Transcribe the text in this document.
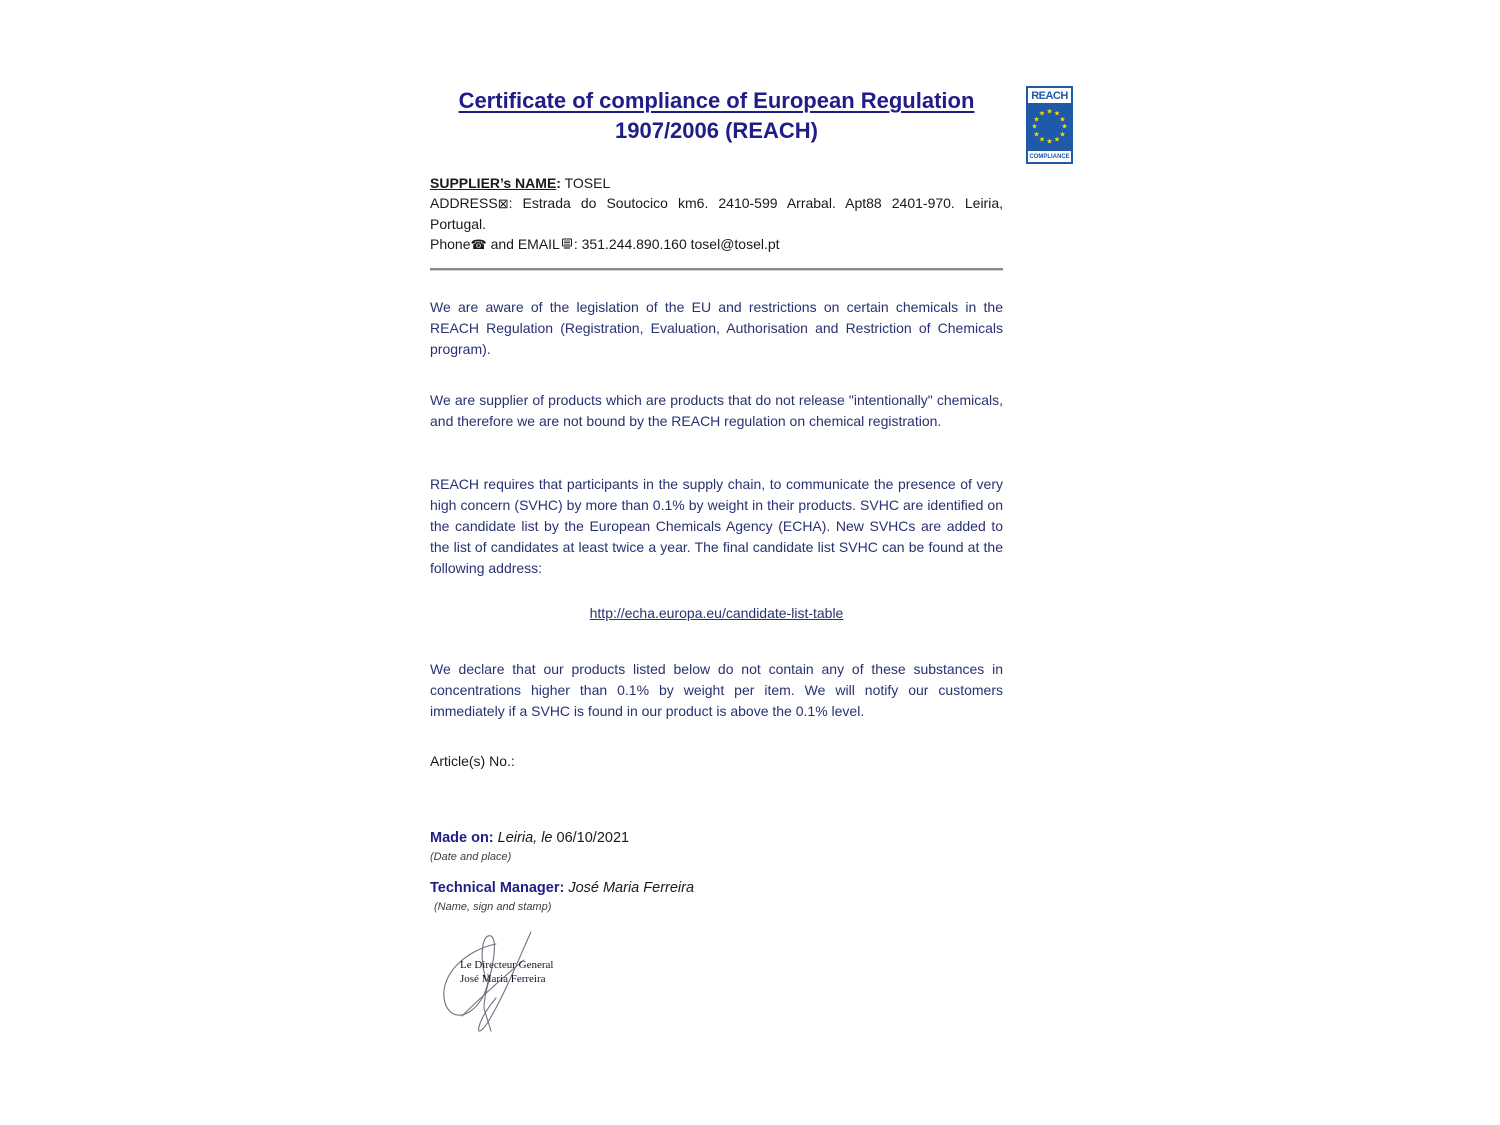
REACH
★ ★
★
★
★
★
★
★
★
★
★
★
COMPLIANCE
Certificate of compliance of European Regulation
1907/2006 (REACH)
SUPPLIER’s NAME: TOSEL
ADDRESS⊠: Estrada do Soutocico km6. 2410-599 Arrabal. Apt88 2401-970. Leiria, Portugal.
Phone☎ and EMAIL : 351.244.890.160 tosel@tosel.pt

We are aware of the legislation of the EU and restrictions on certain chemicals in the REACH Regulation (Registration, Evaluation, Authorisation and Restriction of Chemicals program).

We are supplier of products which are products that do not release "intentionally" chemicals, and therefore we are not bound by the REACH regulation on chemical registration.

REACH requires that participants in the supply chain, to communicate the presence of very high concern (SVHC) by more than 0.1% by weight in their products. SVHC are identified on the candidate list by the European Chemicals Agency (ECHA). New SVHCs are added to the list of candidates at least twice a year. The final candidate list SVHC can be found at the following address:

http://echa.europa.eu/candidate-list-table

We declare that our products listed below do not contain any of these substances in concentrations higher than 0.1% by weight per item. We will notify our customers immediately if a SVHC is found in our product is above the 0.1% level.

Article(s) No.:
Made on: Leiria, le 06/10/2021
(Date and place)
Technical Manager: José Maria Ferreira
(Name, sign and stamp)
Le Directeur General
José Maria Ferreira
